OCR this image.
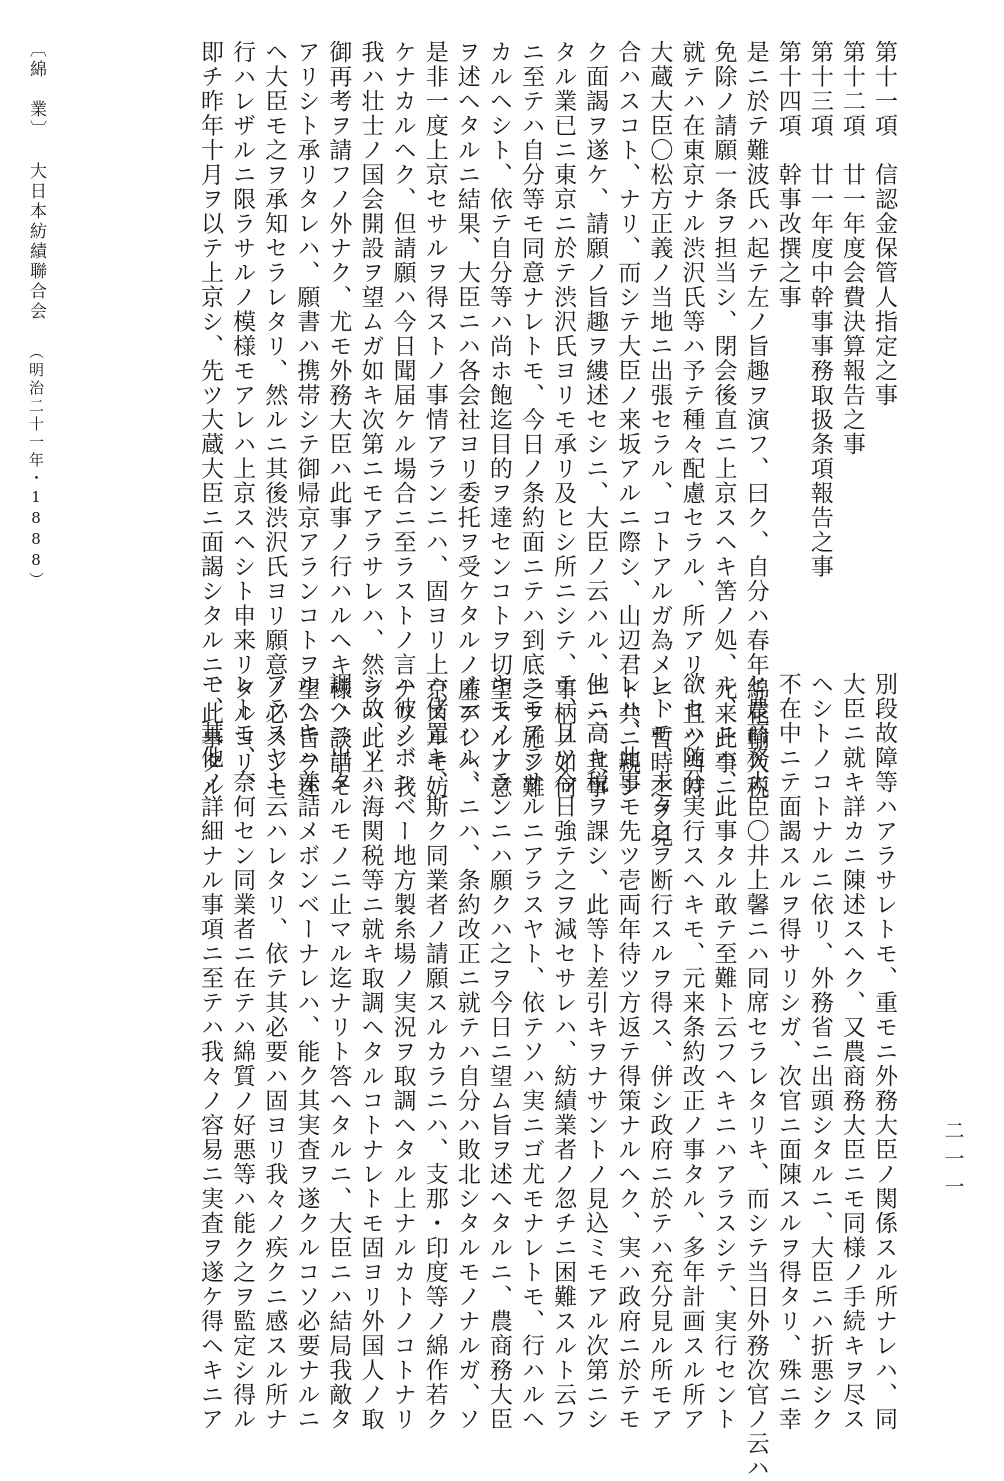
第十一項　信認金保管人指定之事
第十二項　廿一年度会費決算報告之事
第十三項　廿一年度中幹事事務取扱条項報告之事
第十四項　幹事改撰之事
是ニ於テ難波氏ハ起テ左ノ旨趣ヲ演フ、曰ク、自分ハ春年綿花輸入税
免除ノ請願一条ヲ担当シ、閉会後直ニ上京スヘキ筈ノ処、元来此事ニ
就テハ在東京ナル渋沢氏等ハ予テ種々配慮セラル、所アリ、且ツ当時
大蔵大臣〇松方正義ノ当地ニ出張セラル、コトアルガ為メニ、暫時之ヲ見
合ハスコト、ナリ、而シテ大臣ノ来坂アルニ際シ、山辺君ト共ニ親シ
ク面謁ヲ遂ケ、請願ノ旨趣ヲ縷述セシニ、大臣ノ云ハル、ニハ、其事
タル業已ニ東京ニ於テ渋沢氏ヨリモ承リ及ヒシ所ニシテ、事柄ノ如何
ニ至テハ自分等モ同意ナレトモ、今日ノ条約面ニテハ到底之ヲ施シ難
カルヘシト、依テ自分等ハ尚ホ飽迄目的ヲ達センコトヲ切望スルノ意
ヲ述ヘタルニ結果、大臣ニハ各会社ヨリ委托ヲ受ケタルノ廉アレハ、
是非一度上京セサルヲ得ストノ事情アランニハ、固ヨリ上京スルモ妨
ケナカルヘク、但請願ハ今日聞届ケル場合ニ至ラストノ言ナリシ、我
我ハ壮士ノ国会開設ヲ望ムガ如キ次第ニモアラサレハ、然ラハ此上ハ
御再考ヲ請フノ外ナク、尤モ外務大臣ハ此事ノ行ハルヘキ様ノ談話モ
アリシト承リタレハ、願書ハ携帯シテ御帰京アランコトヲ望ム旨ヲ述
ヘ大臣モ之ヲ承知セラレタリ、然ルニ其後渋沢氏ヨリ願意ノ必スシモ
行ハレザルニ限ラサルノ模様モアレハ上京スヘシト申来リタルヨリ、
即チ昨年十月ヲ以テ上京シ、先ツ大蔵大臣ニ面謁シタルニ、此事タル
別段故障等ハアラサレトモ、重モニ外務大臣ノ関係スル所ナレハ、同
大臣ニ就キ詳カニ陳述スヘク、又農商務大臣ニモ同様ノ手続キヲ尽ス
ヘシトノコトナルニ依リ、外務省ニ出頭シタルニ、大臣ニハ折悪シク
不在中ニテ面謁スルヲ得サリシガ、次官ニ面陳スルヲ得タリ、殊ニ幸
ヒ農商務大臣〇井上馨ニハ同席セラレタリキ、而シテ当日外務次官ノ云ハ
ル、ニハ、此事タル敢テ至難ト云フヘキニハアラスシテ、実行セント
欲セハ随分実行スヘキモ、元来条約改正ノ事タル、多年計画スル所ア
レトモ、未タ之ヲ断行スルヲ得ス、併シ政府ニ於テハ充分見ル所モア
レハ、此事モ先ツ壱両年待ツ方返テ得策ナルヘク、実ハ政府ニ於テモ
他ニ高キ税ヲ課シ、此等ト差引キヲナサントノ見込ミモアル次第ニシ
テ、且ツ今日強テ之ヲ減セサレハ、紡績業者ノ忽チニ困難スルト云フ
ニモアラサルニアラスヤト、依テソハ実ニゴ尤モナレトモ、行ハルヘ
キモノナランニハ願クハ之ヲ今日ニ望ム旨ヲ述ヘタルニ、農商務大臣
ノ云ハル、ニハ、条約改正ニ就テハ自分ハ敗北シタルモノナルガ、ソ
ハ偖置キ、斯ク同業者ノ請願スルカラニハ、支那・印度等ノ綿作若ク
ハ彼ノボンベー地方製糸場ノ実況ヲ取調ヘタル上ナルカトノコトナリ
シ故、ソハ海関税等ニ就キ取調ヘタルコトナレトモ固ヨリ外国人ノ取
調ヘニ出タルモノニ止マル迄ナリト答ヘタルニ、大臣ニハ結局我敵タ
ルヘキハ差詰メボンベーナレハ、能ク其実査ヲ遂クルコソ必要ナルニ
アラスヤト云ハレタリ、依テ其必要ハ固ヨリ我々ノ疾クニ感スル所ナ
レトモ、奈何セン同業者ニ在テハ綿質ノ好悪等ハ能ク之ヲ監定シ得ル
モ、其他ノ詳細ナル事項ニ至テハ我々ノ容易ニ実査ヲ遂ケ得ヘキニア	二一一
〔綿　業〕大日本紡績聯合会（明治二十一年・1888）
